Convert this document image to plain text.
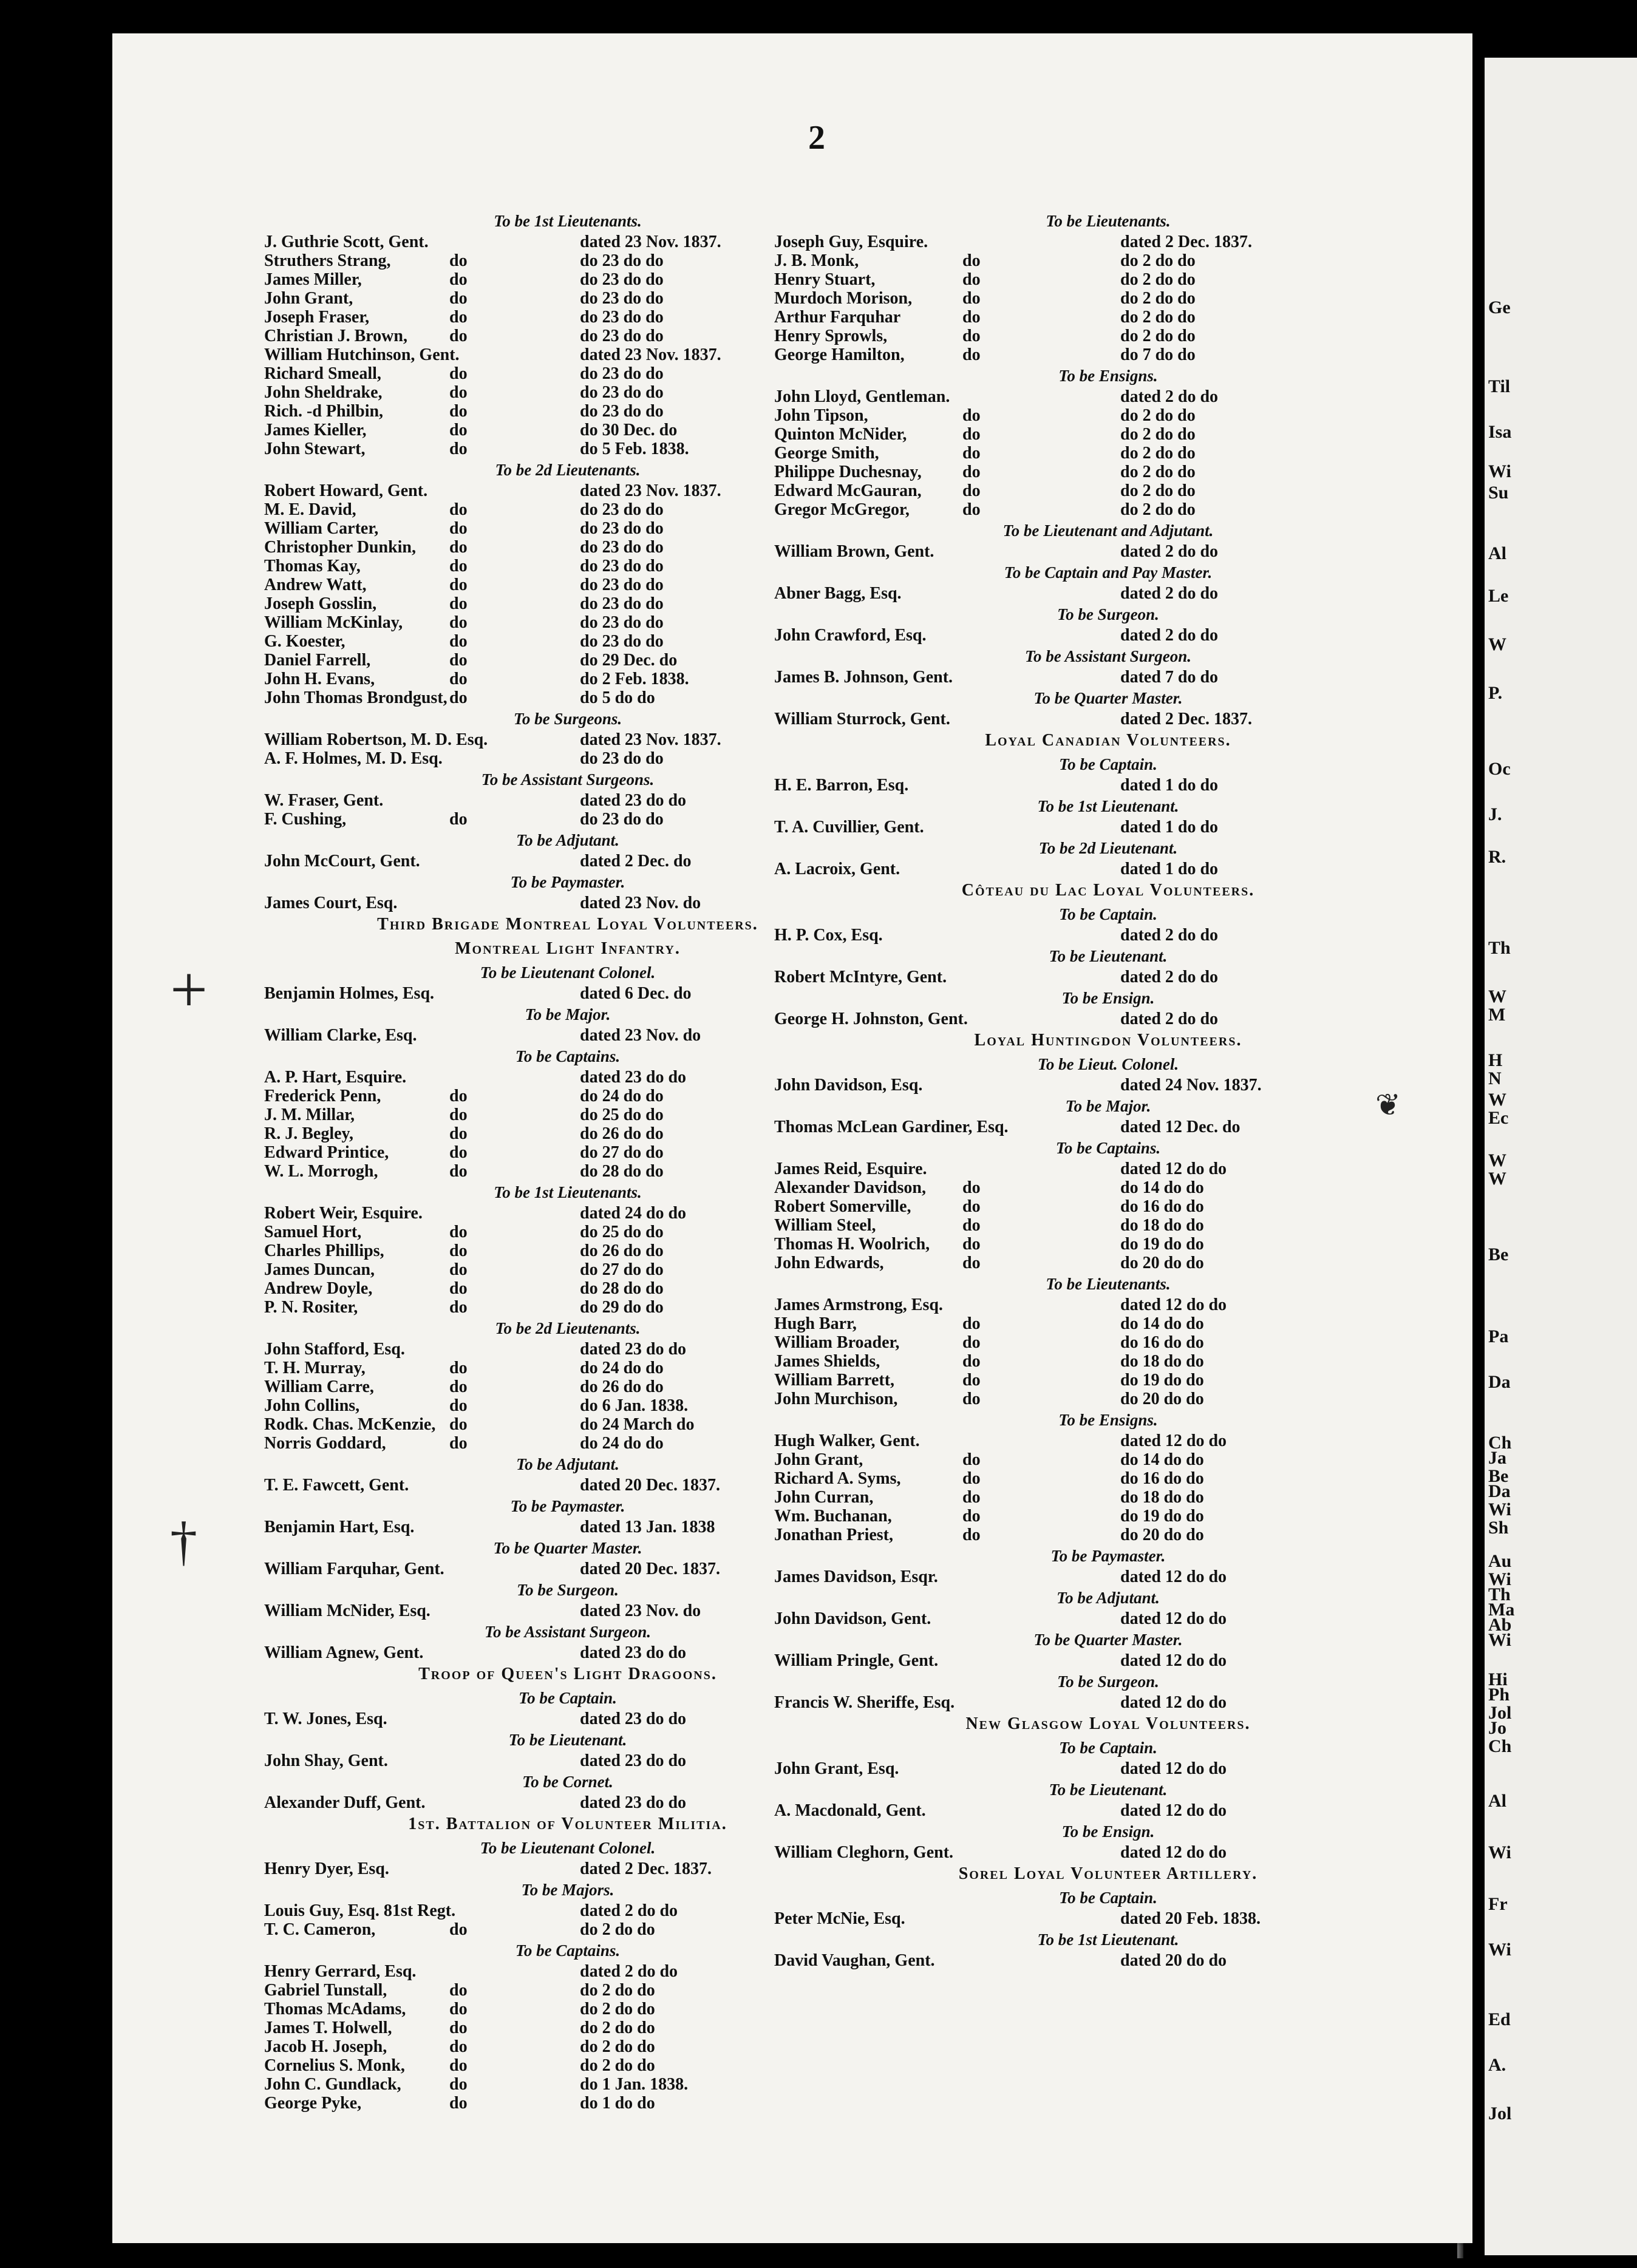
2
+
†
❦
To be 1st Lieutenants.
J. Guthrie Scott, Gent.	dated 23 Nov. 1837.
Struthers Strang,	do	do 23 do do
James Miller,	do	do 23 do do
John Grant,	do	do 23 do do
Joseph Fraser,	do	do 23 do do
Christian J. Brown, do	do 23 do do
William Hutchinson, Gent.	dated 23 Nov. 1837.
Richard Smeall,	do	do 23 do do
John Sheldrake,	do	do 23 do do
Rich. -d Philbin,	do	do 23 do do
James Kieller,	do	do 30 Dec. do
John Stewart,	do	do 5 Feb. 1838.
To be 2d Lieutenants.
Robert Howard, Gent.	dated 23 Nov. 1837.
M. E. David,	do	do 23 do do
William Carter,	do	do 23 do do
Christopher Dunkin, do	do 23 do do
Thomas Kay,	do	do 23 do do
Andrew Watt,	do	do 23 do do
Joseph Gosslin,	do	do 23 do do
William McKinlay,	do	do 23 do do
G. Koester,	do	do 23 do do
Daniel Farrell,	do	do 29 Dec. do
John H. Evans,	do	do 2 Feb. 1838.
John Thomas Brondgust, do	do 5 do do
To be Surgeons.
William Robertson, M. D. Esq.	dated 23 Nov. 1837.
A. F. Holmes, M. D. Esq.	do 23 do do
To be Assistant Surgeons.
W. Fraser, Gent.	dated 23 do do
F. Cushing,	do	do 23 do do
To be Adjutant.
John McCourt, Gent.	dated 2 Dec. do
To be Paymaster.
James Court, Esq.	dated 23 Nov. do
Third Brigade Montreal Loyal Volunteers.
Montreal Light Infantry.
To be Lieutenant Colonel.
Benjamin Holmes, Esq.	dated 6 Dec. do
To be Major.
William Clarke, Esq.	dated 23 Nov. do
To be Captains.
A. P. Hart, Esquire.	dated 23 do do
Frederick Penn,	do	do 24 do do
J. M. Millar,	do	do 25 do do
R. J. Begley,	do	do 26 do do
Edward Printice,	do	do 27 do do
W. L. Morrogh,	do	do 28 do do
To be 1st Lieutenants.
Robert Weir, Esquire.	dated 24 do do
Samuel Hort,	do	do 25 do do
Charles Phillips,	do	do 26 do do
James Duncan,	do	do 27 do do
Andrew Doyle,	do	do 28 do do
P. N. Rositer,	do	do 29 do do
To be 2d Lieutenants.
John Stafford, Esq.	dated 23 do do
T. H. Murray,	do	do 24 do do
William Carre,	do	do 26 do do
John Collins,	do	do 6 Jan. 1838.
Rodk. Chas. McKenzie, do	do 24 March do
Norris Goddard,	do	do 24 do do
To be Adjutant.
T. E. Fawcett, Gent.	dated 20 Dec. 1837.
To be Paymaster.
Benjamin Hart, Esq.	dated 13 Jan. 1838
To be Quarter Master.
William Farquhar, Gent.	dated 20 Dec. 1837.
To be Surgeon.
William McNider, Esq.	dated 23 Nov. do
To be Assistant Surgeon.
William Agnew, Gent.	dated 23 do do
Troop of Queen's Light Dragoons.
To be Captain.
T. W. Jones, Esq.	dated 23 do do
To be Lieutenant.
John Shay, Gent.	dated 23 do do
To be Cornet.
Alexander Duff, Gent.	dated 23 do do
1st. Battalion of Volunteer Militia.
To be Lieutenant Colonel.
Henry Dyer, Esq.	dated 2 Dec. 1837.
To be Majors.
Louis Guy, Esq. 81st Regt.	dated 2 do do
T. C. Cameron,	do	do 2 do do
To be Captains.
Henry Gerrard, Esq.	dated 2 do do
Gabriel Tunstall,	do	do 2 do do
Thomas McAdams,	do	do 2 do do
James T. Holwell,	do	do 2 do do
Jacob H. Joseph,	do	do 2 do do
Cornelius S. Monk,	do	do 2 do do
John C. Gundlack,	do	do 1 Jan. 1838.
George Pyke,	do	do 1 do do
To be Lieutenants.
Joseph Guy, Esquire.	dated 2 Dec. 1837.
J. B. Monk,	do	do 2 do do
Henry Stuart,	do	do 2 do do
Murdoch Morison,	do	do 2 do do
Arthur Farquhar	do	do 2 do do
Henry Sprowls,	do	do 2 do do
George Hamilton,	do	do 7 do do
To be Ensigns.
John Lloyd, Gentleman.	dated 2 do do
John Tipson,	do	do 2 do do
Quinton McNider,	do	do 2 do do
George Smith,	do	do 2 do do
Philippe Duchesnay, do	do 2 do do
Edward McGauran, do	do 2 do do
Gregor McGregor,	do	do 2 do do
To be Lieutenant and Adjutant.
William Brown, Gent.	dated 2 do do
To be Captain and Pay Master.
Abner Bagg, Esq.	dated 2 do do
To be Surgeon.
John Crawford, Esq.	dated 2 do do
To be Assistant Surgeon.
James B. Johnson, Gent.	dated 7 do do
To be Quarter Master.
William Sturrock, Gent.	dated 2 Dec. 1837.
Loyal Canadian Volunteers.
To be Captain.
H. E. Barron, Esq.	dated 1 do do
To be 1st Lieutenant.
T. A. Cuvillier, Gent.	dated 1 do do
To be 2d Lieutenant.
A. Lacroix, Gent.	dated 1 do do
Côteau du Lac Loyal Volunteers.
To be Captain.
H. P. Cox, Esq.	dated 2 do do
To be Lieutenant.
Robert McIntyre, Gent.	dated 2 do do
To be Ensign.
George H. Johnston, Gent.	dated 2 do do
Loyal Huntingdon Volunteers.
To be Lieut. Colonel.
John Davidson, Esq.	dated 24 Nov. 1837.
To be Major.
Thomas McLean Gardiner, Esq.	dated 12 Dec. do
To be Captains.
James Reid, Esquire.	dated 12 do do
Alexander Davidson, do	do 14 do do
Robert Somerville,	do	do 16 do do
William Steel,	do	do 18 do do
Thomas H. Woolrich, do	do 19 do do
John Edwards,	do	do 20 do do
To be Lieutenants.
James Armstrong, Esq.	dated 12 do do
Hugh Barr,	do	do 14 do do
William Broader,	do	do 16 do do
James Shields,	do	do 18 do do
William Barrett,	do	do 19 do do
John Murchison,	do	do 20 do do
To be Ensigns.
Hugh Walker, Gent.	dated 12 do do
John Grant,	do	do 14 do do
Richard A. Syms,	do	do 16 do do
John Curran,	do	do 18 do do
Wm. Buchanan,	do	do 19 do do
Jonathan Priest,	do	do 20 do do
To be Paymaster.
James Davidson, Esqr.	dated 12 do do
To be Adjutant.
John Davidson, Gent.	dated 12 do do
To be Quarter Master.
William Pringle, Gent.	dated 12 do do
To be Surgeon.
Francis W. Sheriffe, Esq.	dated 12 do do
New Glasgow Loyal Volunteers.
To be Captain.
John Grant, Esq.	dated 12 do do
To be Lieutenant.
A. Macdonald, Gent.	dated 12 do do
To be Ensign.
William Cleghorn, Gent.	dated 12 do do
Sorel Loyal Volunteer Artillery.
To be Captain.
Peter McNie, Esq.	dated 20 Feb. 1838.
To be 1st Lieutenant.
David Vaughan, Gent.	dated 20 do do
Ge
Til
Isa
Wi
Su
Al
Le
W
P.
Oc
J.
R.
Th
W
M
H
N
W
Ec
W
W
Be
Pa
Da
Ch
Ja
Be
Da
Wi
Sh
Au
Wi
Th
Ma
Ab
Wi
Hi
Ph
Jol
Jo
Ch
Al
Wi
Fr
Wi
Ed
A.
Jol
